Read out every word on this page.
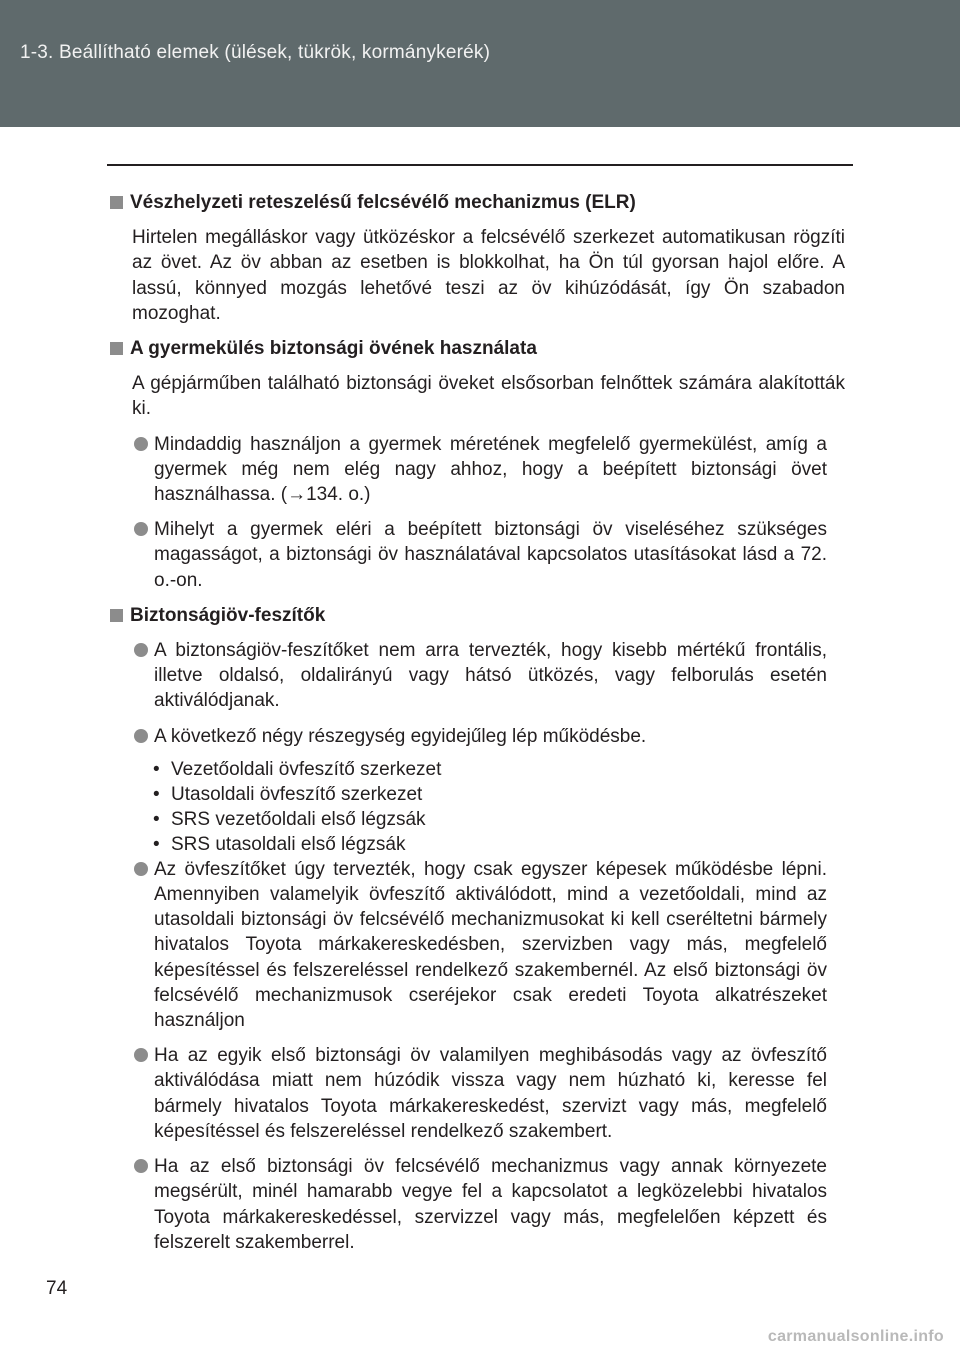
1-3. Beállítható elemek (ülések, tükrök, kormánykerék)
Vészhelyzeti reteszelésű felcsévélő mechanizmus (ELR)

Hirtelen megálláskor vagy ütközéskor a felcsévélő szerkezet automatikusan rögzíti az övet. Az öv abban az esetben is blokkolhat, ha Ön túl gyorsan hajol előre. A lassú, könnyed mozgás lehetővé teszi az öv kihúzódását, így Ön szabadon mozoghat.

A gyermekülés biztonsági övének használata

A gépjárműben található biztonsági öveket elsősorban felnőttek számára alakították ki.

Mindaddig használjon a gyermek méretének megfelelő gyermekülést, amíg a gyermek még nem elég nagy ahhoz, hogy a beépített biztonsági övet használhassa. (→134. o.)
Mihelyt a gyermek eléri a beépített biztonsági öv viseléséhez szükséges magasságot, a biztonsági öv használatával kapcsolatos utasításokat lásd a 72. o.-on.
Biztonságiöv-feszítők
A biztonságiöv-feszítőket nem arra tervezték, hogy kisebb mértékű frontális, illetve oldalsó, oldalirányú vagy hátsó ütközés, vagy felborulás esetén aktiválódjanak.
A következő négy részegység egyidejűleg lép működésbe.
• Vezetőoldali övfeszítő szerkezet
• Utasoldali övfeszítő szerkezet
• SRS vezetőoldali első légzsák
• SRS utasoldali első légzsák
Az övfeszítőket úgy tervezték, hogy csak egyszer képesek működésbe lépni. Amennyiben valamelyik övfeszítő aktiválódott, mind a vezetőoldali, mind az utasoldali biztonsági öv felcsévélő mechanizmusokat ki kell cseréltetni bármely hivatalos Toyota márkakereskedésben, szervizben vagy más, megfelelő képesítéssel és felszereléssel rendelkező szakembernél. Az első biztonsági öv felcsévélő mechanizmusok cseréjekor csak eredeti Toyota alkatrészeket használjon
Ha az egyik első biztonsági öv valamilyen meghibásodás vagy az övfeszítő aktiválódása miatt nem húzódik vissza vagy nem húzható ki, keresse fel bármely hivatalos Toyota márkakereskedést, szervizt vagy más, megfelelő képesítéssel és felszereléssel rendelkező szakembert.
Ha az első biztonsági öv felcsévélő mechanizmus vagy annak környezete megsérült, minél hamarabb vegye fel a kapcsolatot a legközelebbi hivatalos Toyota márkakereskedéssel, szervizzel vagy más, megfelelően képzett és felszerelt szakemberrel.
74
carmanualsonline.info
